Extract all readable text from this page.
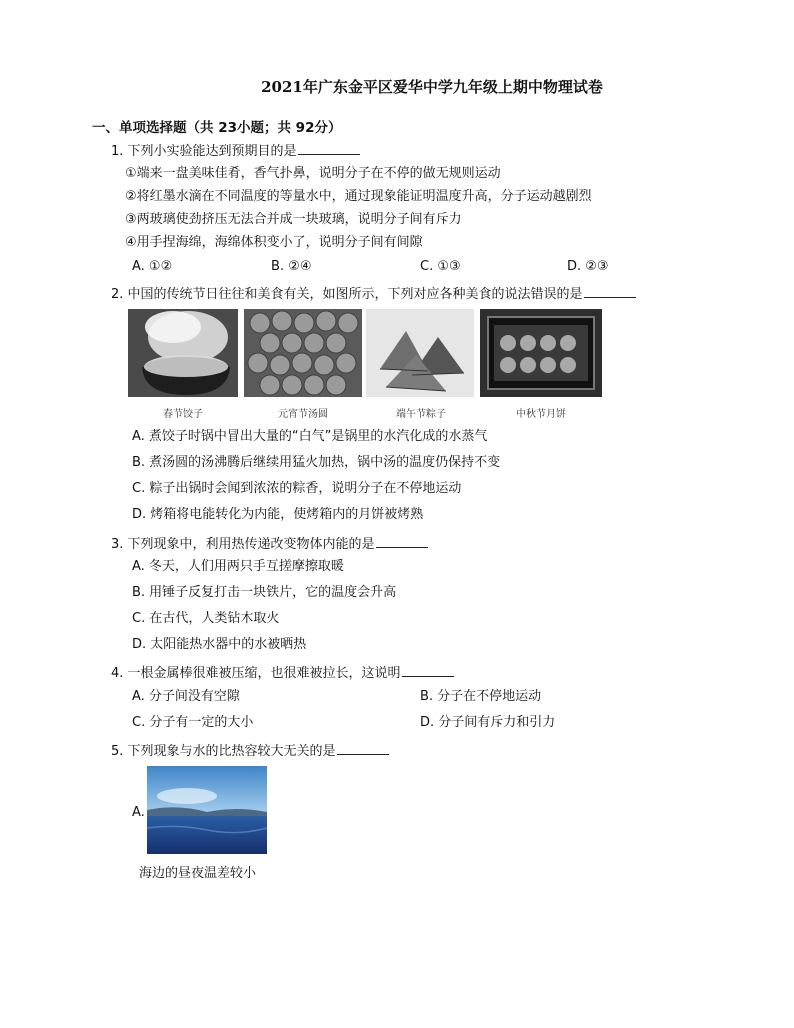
2021年广东金平区爱华中学九年级上期中物理试卷
一、单项选择题（共 23小题；共 92分）
1. 下列小实验能达到预期目的是
①端来一盘美味佳肴，香气扑鼻，说明分子在不停的做无规则运动
②将红墨水滴在不同温度的等量水中，通过现象能证明温度升高，分子运动越剧烈
③两玻璃使劲挤压无法合并成一块玻璃，说明分子间有斥力
④用手捏海绵，海绵体积变小了，说明分子间有间隙
A. ①②	B. ②④	C. ①③	D. ②③
2. 中国的传统节日往往和美食有关，如图所示，下列对应各种美食的说法错误的是
春节饺子	元宵节汤圆	端午节粽子	中秋节月饼
A. 煮饺子时锅中冒出大量的“白气”是锅里的水汽化成的水蒸气
B. 煮汤圆的汤沸腾后继续用猛火加热，锅中汤的温度仍保持不变
C. 粽子出锅时会闻到浓浓的粽香，说明分子在不停地运动
D. 烤箱将电能转化为内能，使烤箱内的月饼被烤熟
3. 下列现象中，利用热传递改变物体内能的是
A. 冬天，人们用两只手互搓摩擦取暖
B. 用锤子反复打击一块铁片，它的温度会升高
C. 在古代，人类钻木取火
D. 太阳能热水器中的水被晒热
4. 一根金属棒很难被压缩，也很难被拉长，这说明
A. 分子间没有空隙	B. 分子在不停地运动
C. 分子有一定的大小	D. 分子间有斥力和引力
5. 下列现象与水的比热容较大无关的是
A.
海边的昼夜温差较小
